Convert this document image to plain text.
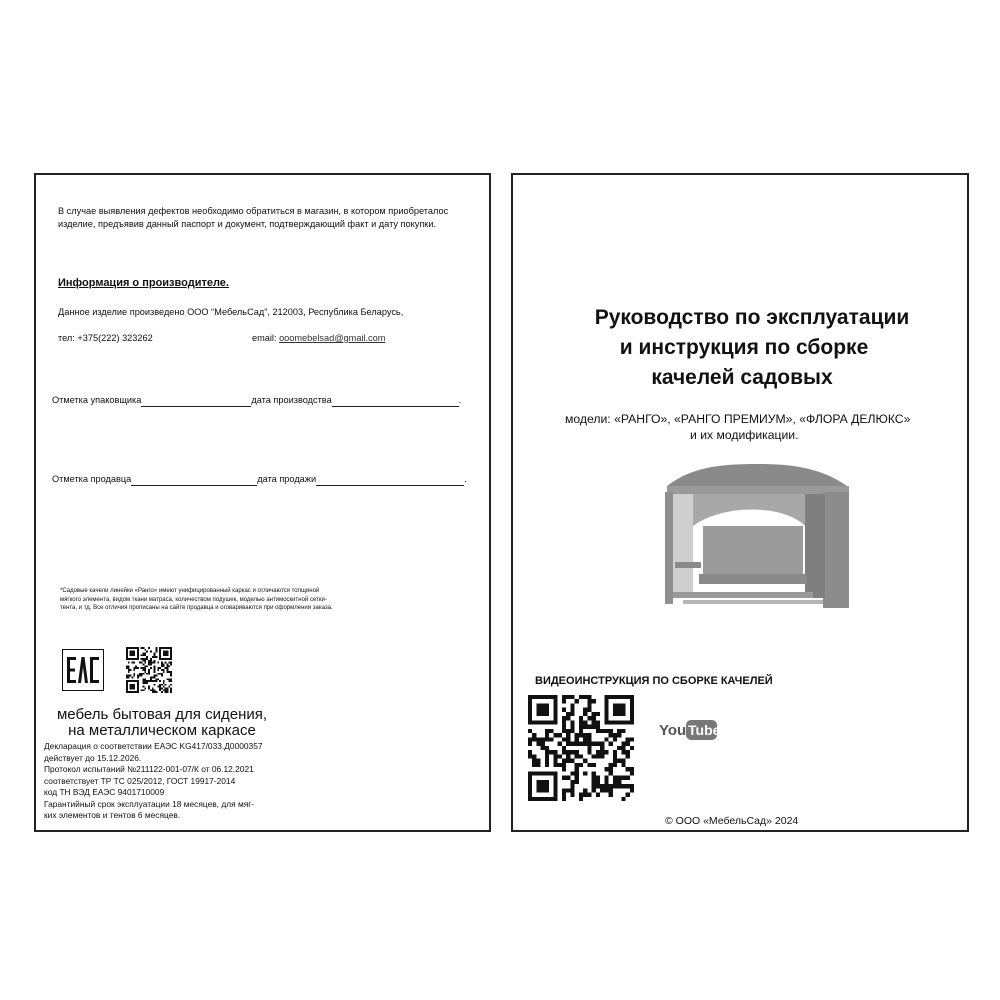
В случае выявления дефектов необходимо обратиться в магазин, в котором приобреталос
изделие, предъявив данный паспорт и документ, подтверждающий факт и дату покупки.
Информация о производителе.
Данное изделие произведено ООО “МебельСад”, 212003, Республика Беларусь,
тел: +375(222) 323262	email: ooomebelsad@gmail.com
Отметка упаковщика	дата производства	.
Отметка продавца	дата продажи	.
*Садовые качели линейки «Ранго» имеют унифицированный каркас и отличаются толщиной
мягкого элемента, видом ткани матраса, количеством подушек, моделью антимоскитной сетки-
тента, и тд. Все отличия прописаны на сайте продавца и оговариваются при оформлении заказа.
мебель бытовая для сидения,
на металлическом каркасе
Декларация о соответствии ЕАЭС KG417/033.Д0000357
действует до 15.12.2026.
Протокол испытаний №211122-001-07/К от 06.12.2021
соответствует ТР ТС 025/2012, ГОСТ 19917-2014
код ТН ВЭД ЕАЭС 9401710009
Гарантийный срок эксплуатации 18 месяцев, для мяг-
ких элементов и тентов 6 месяцев.
Руководство по эксплуатации
и инструкция по сборке
качелей садовых
модели: «РАНГО», «РАНГО ПРЕМИУМ», «ФЛОРА ДЕЛЮКС»
и их модификации.
ВИДЕОИНСТРУКЦИЯ ПО СБОРКЕ КАЧЕЛЕЙ
You Tube
© ООО «МебельСад» 2024
